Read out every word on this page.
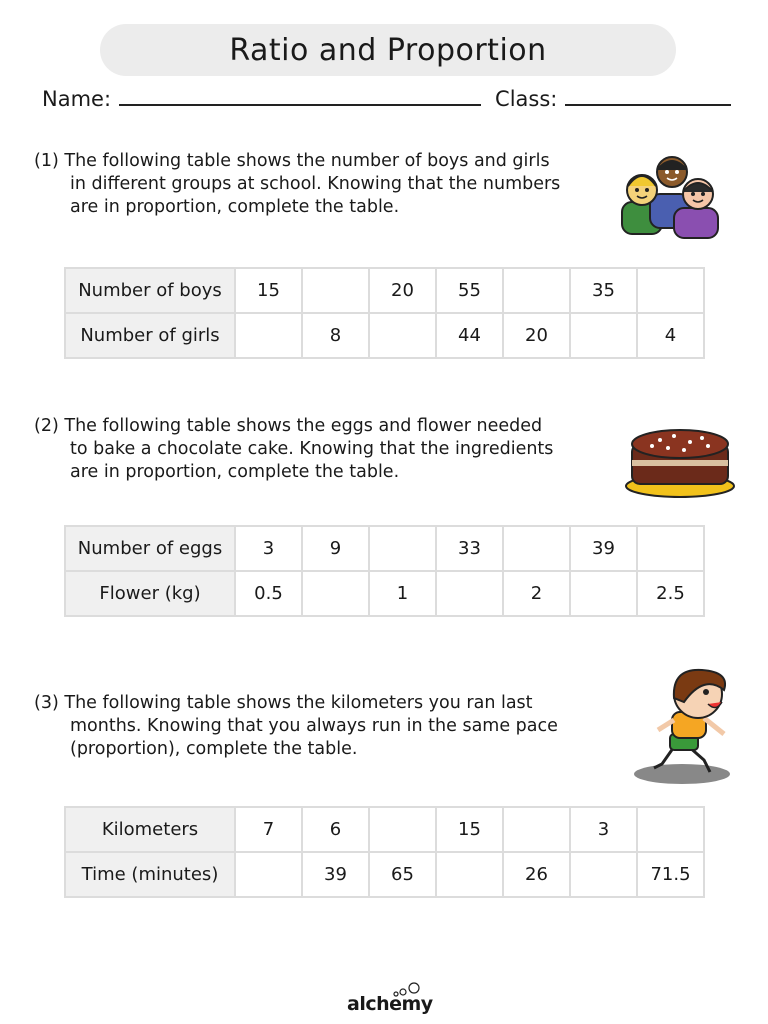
Ratio and Proportion
Name:	Class:
(1) The following table shows the number of boys and girls
in different groups at school. Knowing that the numbers
are in proportion, complete the table.
Number of boys	15		20	55		35	
Number of girls		8		44	20		4
(2) The following table shows the eggs and flower needed
to bake a chocolate cake. Knowing that the ingredients
are in proportion, complete the table.
Number of eggs	3	9		33		39	
Flower (kg)	0.5		1		2		2.5
(3) The following table shows the kilometers you ran last
months. Knowing that you always run in the same pace
(proportion), complete the table.
Kilometers	7	6		15		3	
Time (minutes)		39	65		26		71.5
alchemy
